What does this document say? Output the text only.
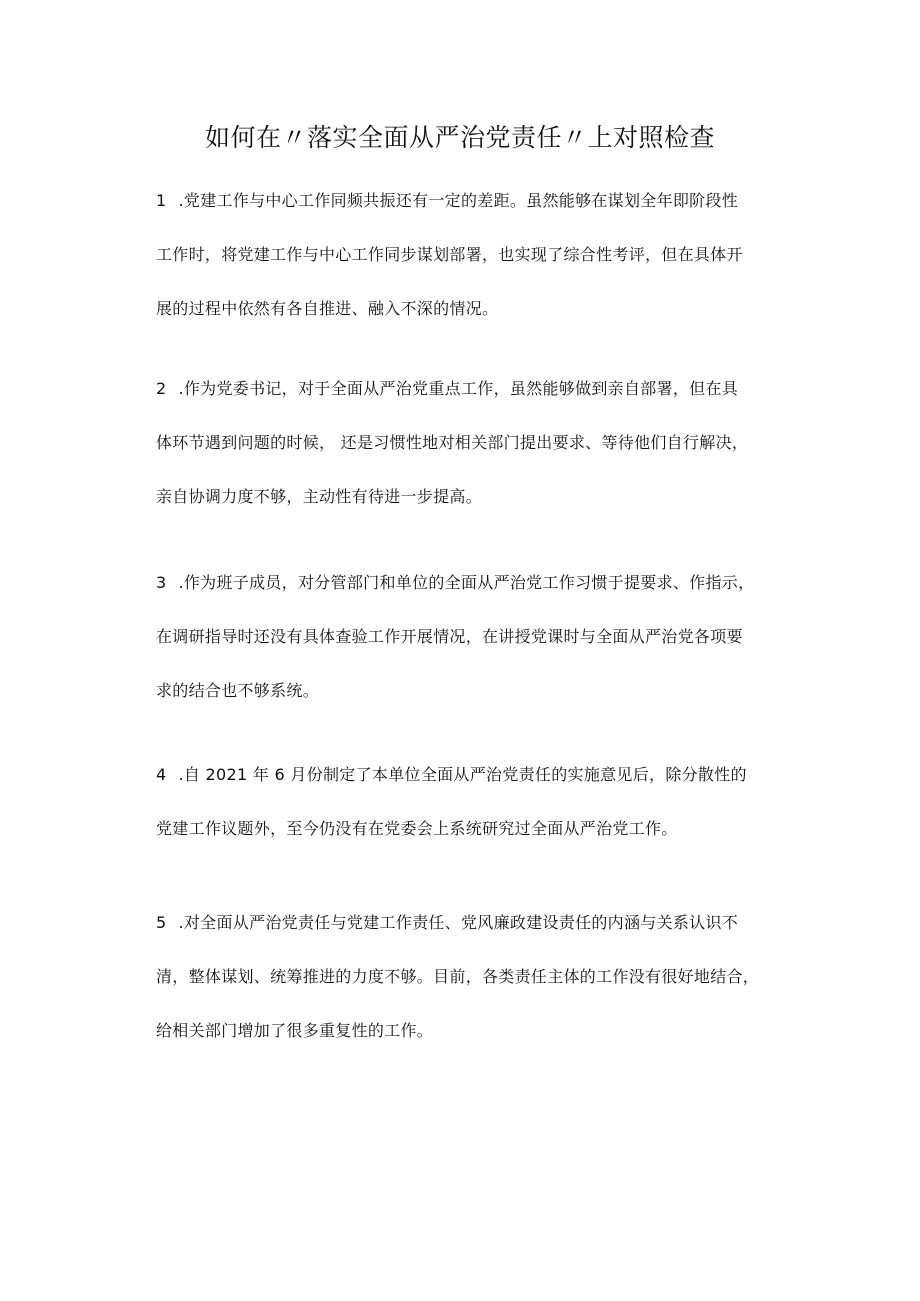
如何在〃落实全面从严治党责任〃上对照检查

1 .党建工作与中心工作同频共振还有一定的差距。虽然能够在谋划全年即阶段性
工作时，将党建工作与中心工作同步谋划部署，也实现了综合性考评，但在具体开
展的过程中依然有各自推进、融入不深的情况。

2 .作为党委书记，对于全面从严治党重点工作，虽然能够做到亲自部署，但在具
体环节遇到问题的时候， 还是习惯性地对相关部门提出要求、等待他们自行解决，
亲自协调力度不够，主动性有待进一步提高。

3 .作为班子成员，对分管部门和单位的全面从严治党工作习惯于提要求、作指示，
在调研指导时还没有具体查验工作开展情况，在讲授党课时与全面从严治党各项要
求的结合也不够系统。

4 .自 2021 年 6 月份制定了本单位全面从严治党责任的实施意见后，除分散性的
党建工作议题外，至今仍没有在党委会上系统研究过全面从严治党工作。

5 .对全面从严治党责任与党建工作责任、党风廉政建设责任的内涵与关系认识不
清，整体谋划、统筹推进的力度不够。目前，各类责任主体的工作没有很好地结合，
给相关部门增加了很多重复性的工作。
